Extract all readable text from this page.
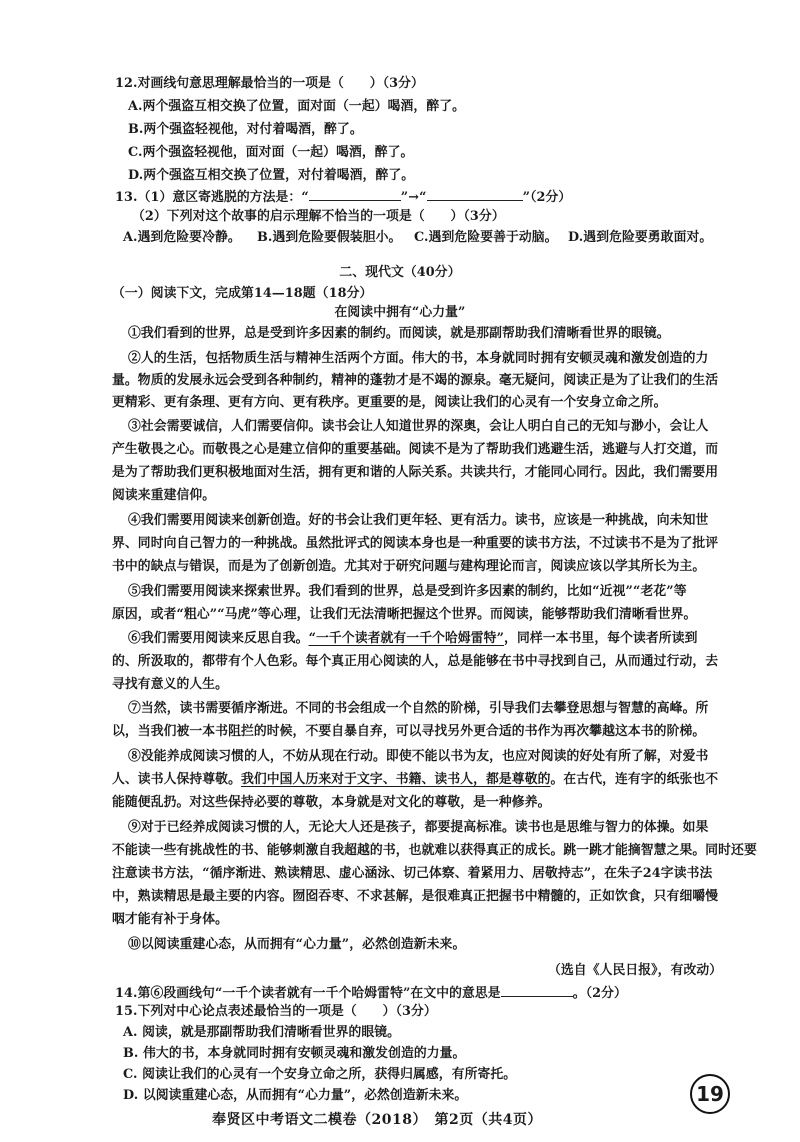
12.对画线句意思理解最恰当的一项是（　　）（3分）
A.两个强盗互相交换了位置，面对面（一起）喝酒，醉了。
B.两个强盗轻视他，对付着喝酒，醉了。
C.两个强盗轻视他，面对面（一起）喝酒，醉了。
D.两个强盗互相交换了位置，对付着喝酒，醉了。
13.（1）意区寄逃脱的方法是：“	”→“	”（2分）
（2）下列对这个故事的启示理解不恰当的一项是（　　）（3分）
A.遇到危险要冷静。 B.遇到危险要假装胆小。 C.遇到危险要善于动脑。 D.遇到危险要勇敢面对。
二、现代文（40分）
（一）阅读下文，完成第14—18题（18分）
在阅读中拥有“心力量”
①我们看到的世界，总是受到许多因素的制约。而阅读，就是那副帮助我们清晰看世界的眼镜。
②人的生活，包括物质生活与精神生活两个方面。伟大的书，本身就同时拥有安顿灵魂和激发创造的力
量。物质的发展永远会受到各种制约，精神的蓬勃才是不竭的源泉。毫无疑问，阅读正是为了让我们的生活
更精彩、更有条理、更有方向、更有秩序。更重要的是，阅读让我们的心灵有一个安身立命之所。
③社会需要诚信，人们需要信仰。读书会让人知道世界的深奥，会让人明白自己的无知与渺小，会让人
产生敬畏之心。而敬畏之心是建立信仰的重要基础。阅读不是为了帮助我们逃避生活，逃避与人打交道，而
是为了帮助我们更积极地面对生活，拥有更和谐的人际关系。共读共行，才能同心同行。因此，我们需要用
阅读来重建信仰。
④我们需要用阅读来创新创造。好的书会让我们更年轻、更有活力。读书，应该是一种挑战，向未知世
界、同时向自己智力的一种挑战。虽然批评式的阅读本身也是一种重要的读书方法，不过读书不是为了批评
书中的缺点与错误，而是为了创新创造。尤其对于研究问题与建构理论而言，阅读应该以学其所长为主。
⑤我们需要用阅读来探索世界。我们看到的世界，总是受到许多因素的制约，比如“近视”“老花”等
原因，或者“粗心”“马虎”等心理，让我们无法清晰把握这个世界。而阅读，能够帮助我们清晰看世界。
⑥我们需要用阅读来反思自我。“一千个读者就有一千个哈姆雷特”，同样一本书里，每个读者所读到
的、所汲取的，都带有个人色彩。每个真正用心阅读的人，总是能够在书中寻找到自己，从而通过行动，去
寻找有意义的人生。
⑦当然，读书需要循序渐进。不同的书会组成一个自然的阶梯，引导我们去攀登思想与智慧的高峰。所
以，当我们被一本书阻拦的时候，不要自暴自弃，可以寻找另外更合适的书作为再次攀越这本书的阶梯。
⑧没能养成阅读习惯的人，不妨从现在行动。即使不能以书为友，也应对阅读的好处有所了解，对爱书
人、读书人保持尊敬。我们中国人历来对于文字、书籍、读书人，都是尊敬的。在古代，连有字的纸张也不
能随便乱扔。对这些保持必要的尊敬，本身就是对文化的尊敬，是一种修养。
⑨对于已经养成阅读习惯的人，无论大人还是孩子，都要提高标准。读书也是思维与智力的体操。如果
不能读一些有挑战性的书、能够刺激自我超越的书，也就难以获得真正的成长。跳一跳才能摘智慧之果。同时还要
注意读书方法，“循序渐进、熟读精思、虚心涵泳、切己体察、着紧用力、居敬持志”，在朱子24字读书法
中，熟读精思是最主要的内容。囫囵吞枣、不求甚解，是很难真正把握书中精髓的，正如饮食，只有细嚼慢
咽才能有补于身体。
⑩以阅读重建心态，从而拥有“心力量”，必然创造新未来。
（选自《人民日报》，有改动）
14.第⑥段画线句“一千个读者就有一千个哈姆雷特”在文中的意思是	。（2分）
15.下列对中心论点表述最恰当的一项是（　　）（3分）
A. 阅读，就是那副帮助我们清晰看世界的眼镜。
B. 伟大的书，本身就同时拥有安顿灵魂和激发创造的力量。
C. 阅读让我们的心灵有一个安身立命之所，获得归属感，有所寄托。
D. 以阅读重建心态，从而拥有“心力量”，必然创造新未来。
奉贤区中考语文二模卷（2018）　第2页（共4页）
19
